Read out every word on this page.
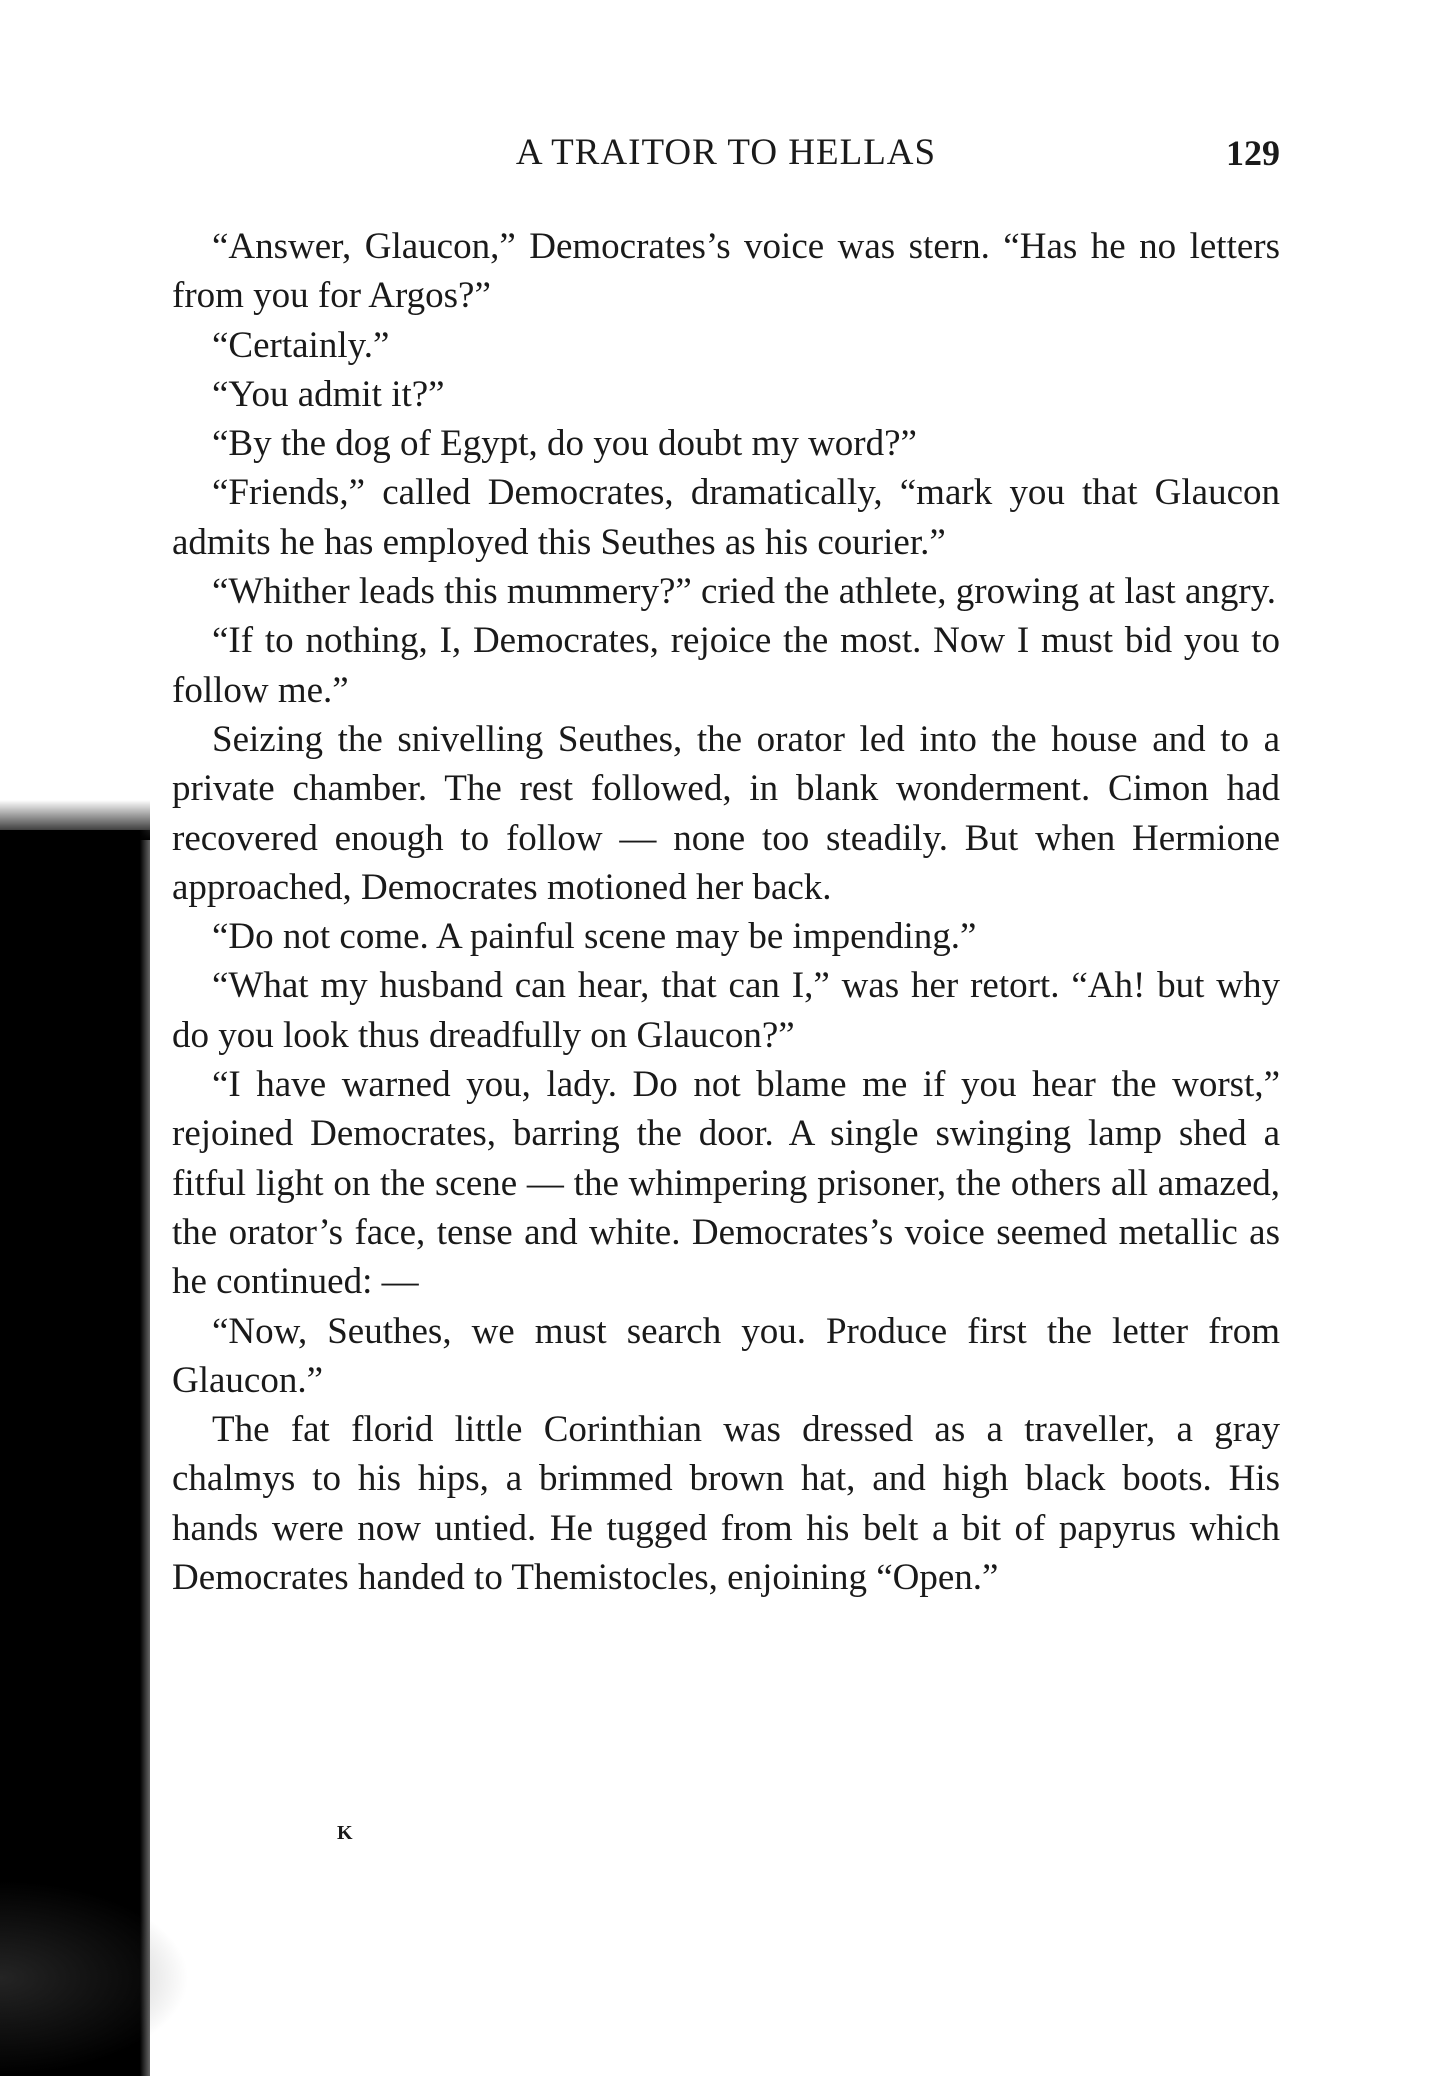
A TRAITOR TO HELLAS	129

“Answer, Glaucon,” Democrates’s voice was stern. “Has he no letters from you for Argos?”

“Certainly.”

“You admit it?”

“By the dog of Egypt, do you doubt my word?”

“Friends,” called Democrates, dramatically, “mark you that Glaucon admits he has employed this Seuthes as his courier.”

“Whither leads this mummery?” cried the athlete, growing at last angry.

“If to nothing, I, Democrates, rejoice the most. Now I must bid you to follow me.”

Seizing the snivelling Seuthes, the orator led into the house and to a private chamber. The rest followed, in blank wonderment. Cimon had recovered enough to follow — none too steadily. But when Hermione approached, Democrates motioned her back.

“Do not come. A painful scene may be impending.”

“What my husband can hear, that can I,” was her retort. “Ah! but why do you look thus dreadfully on Glaucon?”

“I have warned you, lady. Do not blame me if you hear the worst,” rejoined Democrates, barring the door. A single swinging lamp shed a fitful light on the scene — the whimpering prisoner, the others all amazed, the orator’s face, tense and white. Democrates’s voice seemed metallic as he continued: —

“Now, Seuthes, we must search you. Produce first the letter from Glaucon.”

The fat florid little Corinthian was dressed as a traveller, a gray chalmys to his hips, a brimmed brown hat, and high black boots. His hands were now untied. He tugged from his belt a bit of papyrus which Democrates handed to Themistocles, enjoining “Open.”

K
